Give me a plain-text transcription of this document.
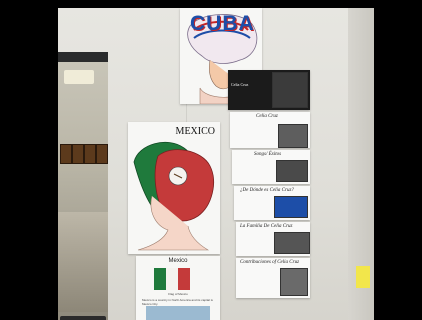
CUBA
MEXICO
Mexico
Flag of Mexico
Mexico is a country in North America and its capital is Mexico City.
Celia Cruz
Celia Cruz
Songs/ Éxitos
¿De Dónde es Celia Cruz?
La Familia De Celia Cruz
Contribuciones of Celia Cruz
